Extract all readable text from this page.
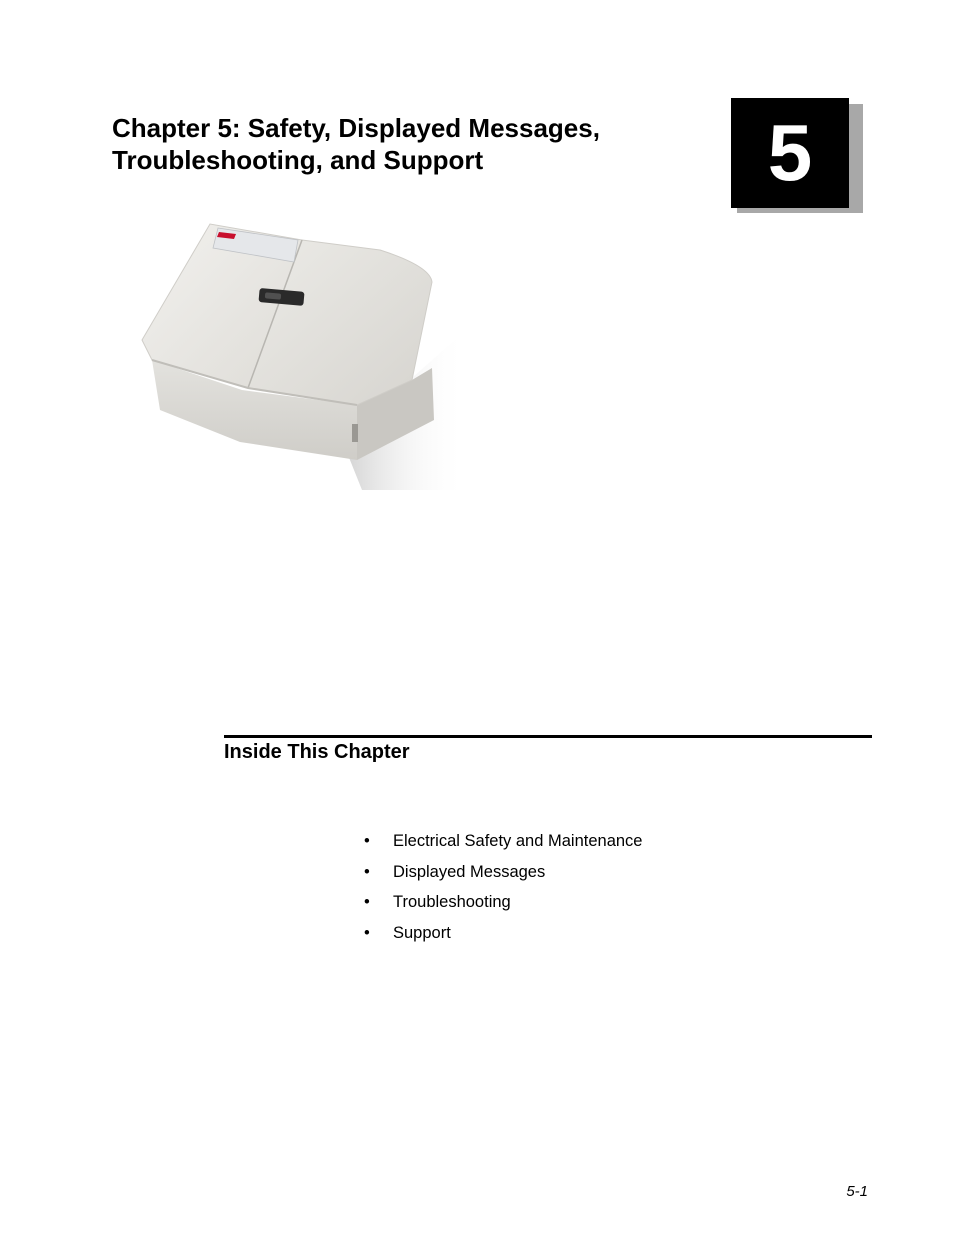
Chapter 5: Safety, Displayed Messages,
Troubleshooting, and Support	5
Inside This Chapter
•	Electrical Safety and Maintenance
•	Displayed Messages
•	Troubleshooting
•	Support
5-1
